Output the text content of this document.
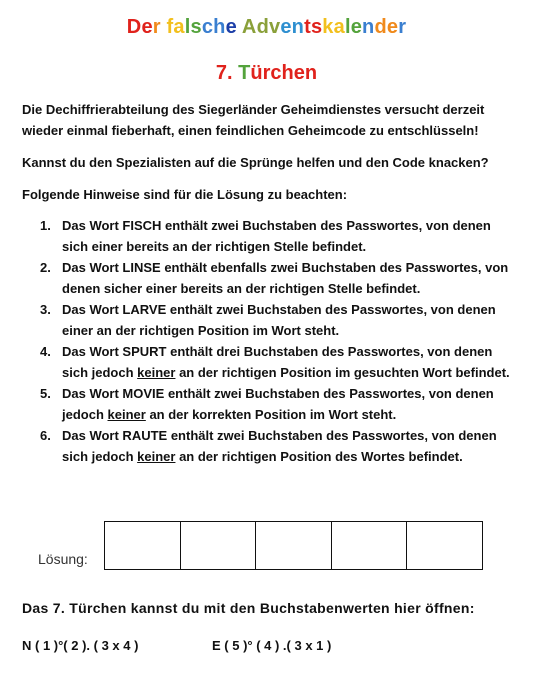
Der falsche Adventskalender
7. Türchen

Die Dechiffrierabteilung des Siegerländer Geheimdienstes versucht derzeit wieder einmal fieberhaft, einen feindlichen Geheimcode zu entschlüsseln!

Kannst du den Spezialisten auf die Sprünge helfen und den Code knacken?

Folgende Hinweise sind für die Lösung zu beachten:

1. Das Wort FISCH enthält zwei Buchstaben des Passwortes, von denen sich einer bereits an der richtigen Stelle befindet.
2. Das Wort LINSE enthält ebenfalls zwei Buchstaben des Passwortes, von denen sicher einer bereits an der richtigen Stelle befindet.
3. Das Wort LARVE enthält zwei Buchstaben des Passwortes, von denen einer an der richtigen Position im Wort steht.
4. Das Wort SPURT enthält drei Buchstaben des Passwortes, von denen sich jedoch keiner an der richtigen Position im gesuchten Wort befindet.
5. Das Wort MOVIE enthält zwei Buchstaben des Passwortes, von denen jedoch keiner an der korrekten Position im Wort steht.
6. Das Wort RAUTE enthält zwei Buchstaben des Passwortes, von denen sich jedoch keiner an der richtigen Position des Wortes befindet.
Lösung:
Das 7. Türchen kannst du mit den Buchstabenwerten hier öffnen:
N ( 1 )°( 2 ). ( 3 x 4 )	E ( 5 )° ( 4 ) .( 3 x 1 )
